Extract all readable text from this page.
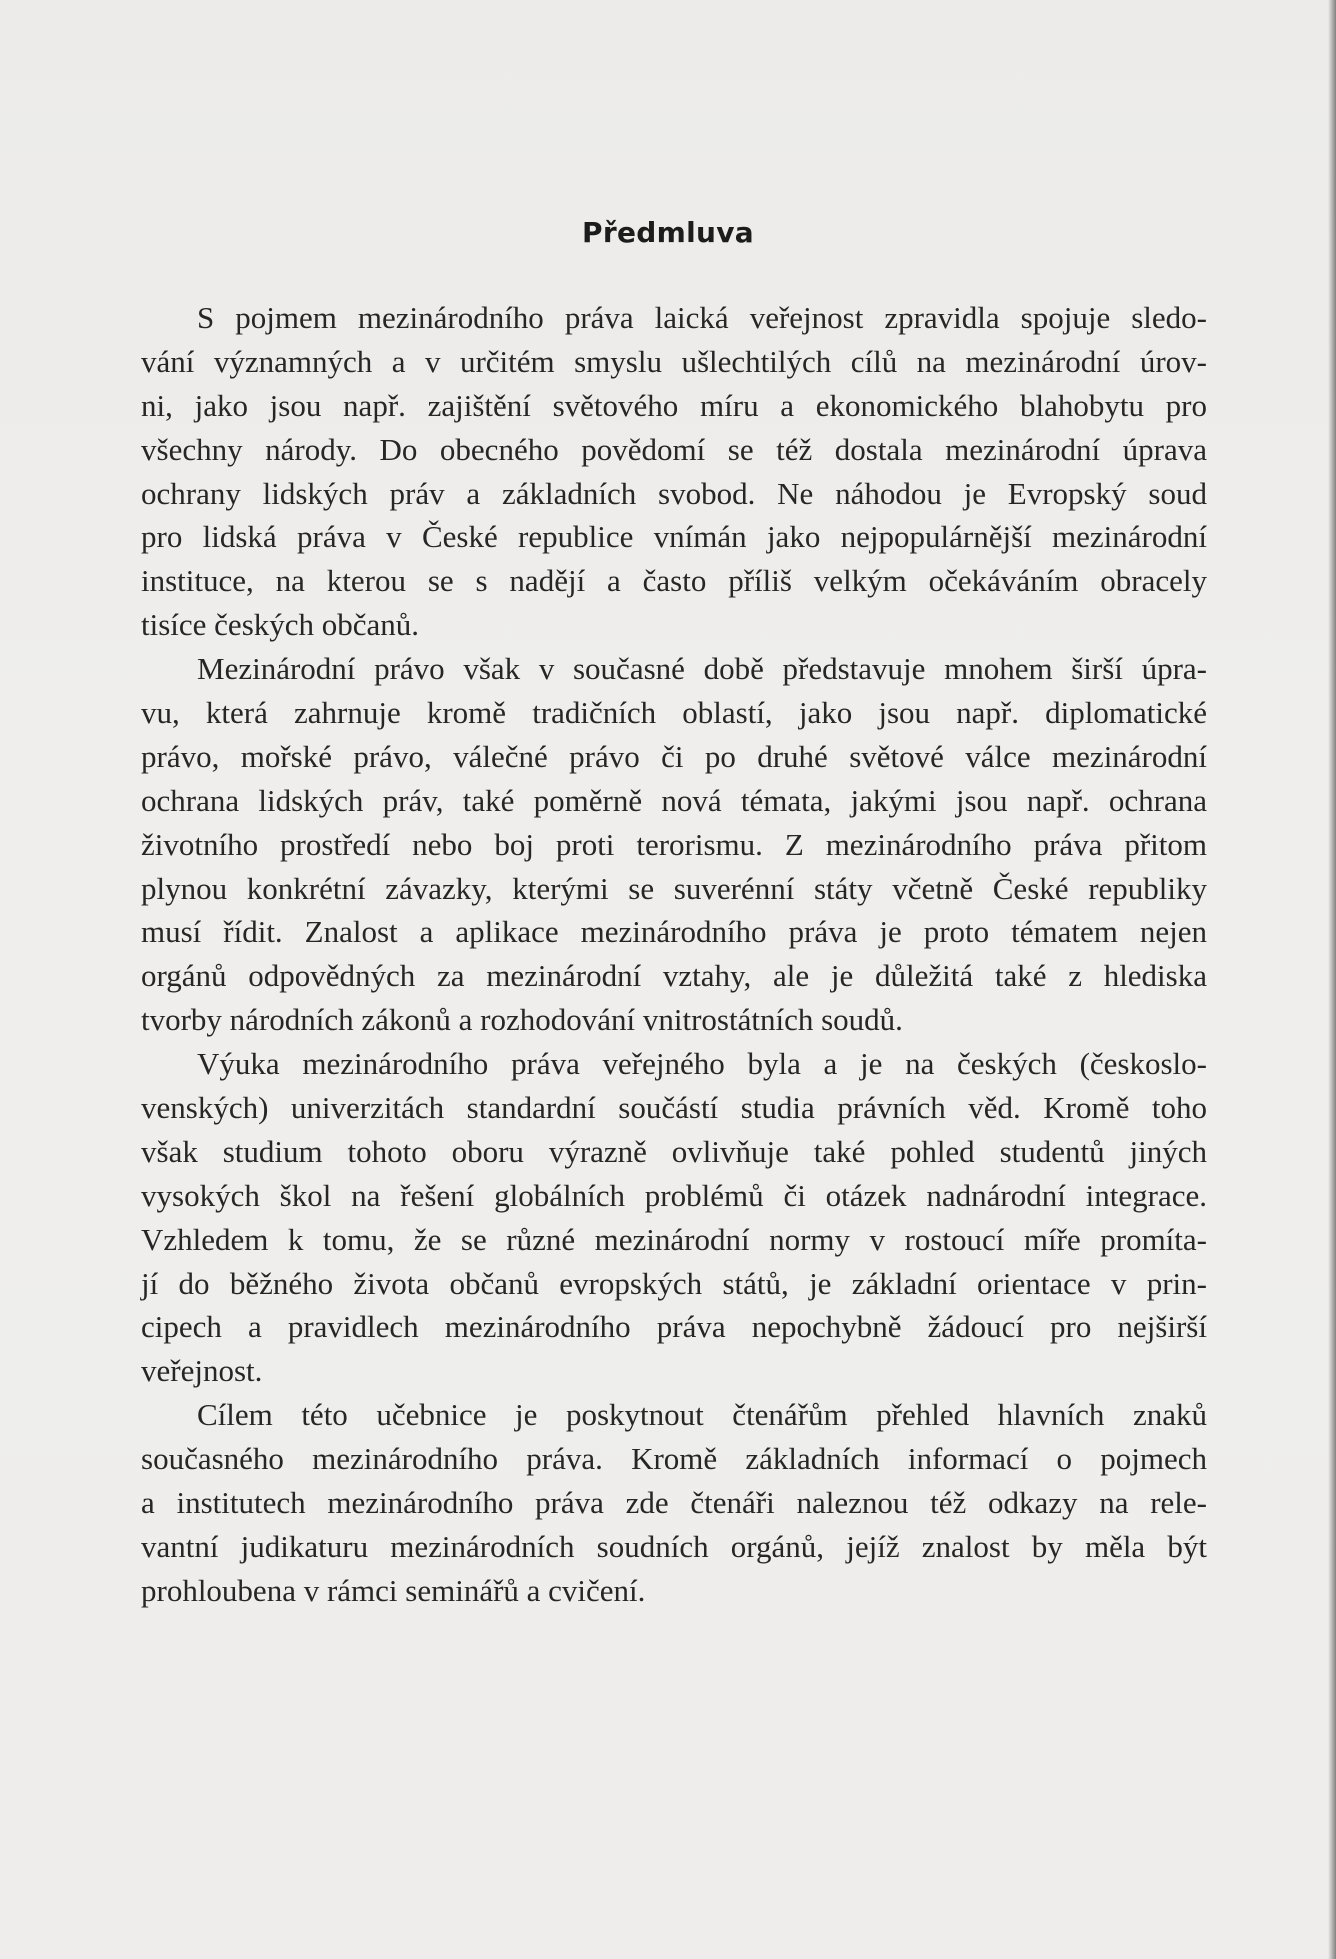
Předmluva
S pojmem mezinárodního práva laická veřejnost zpravidla spojuje sledo-
vání významných a v určitém smyslu ušlechtilých cílů na mezinárodní úrov-
ni, jako jsou např. zajištění světového míru a ekonomického blahobytu pro
všechny národy. Do obecného povědomí se též dostala mezinárodní úprava
ochrany lidských práv a základních svobod. Ne náhodou je Evropský soud
pro lidská práva v České republice vnímán jako nejpopulárnější mezinárodní
instituce, na kterou se s nadějí a často příliš velkým očekáváním obracely
tisíce českých občanů.
Mezinárodní právo však v současné době představuje mnohem širší úpra-
vu, která zahrnuje kromě tradičních oblastí, jako jsou např. diplomatické
právo, mořské právo, válečné právo či po druhé světové válce mezinárodní
ochrana lidských práv, také poměrně nová témata, jakými jsou např. ochrana
životního prostředí nebo boj proti terorismu. Z mezinárodního práva přitom
plynou konkrétní závazky, kterými se suverénní státy včetně České republiky
musí řídit. Znalost a aplikace mezinárodního práva je proto tématem nejen
orgánů odpovědných za mezinárodní vztahy, ale je důležitá také z hlediska
tvorby národních zákonů a rozhodování vnitrostátních soudů.
Výuka mezinárodního práva veřejného byla a je na českých (českoslo-
venských) univerzitách standardní součástí studia právních věd. Kromě toho
však studium tohoto oboru výrazně ovlivňuje také pohled studentů jiných
vysokých škol na řešení globálních problémů či otázek nadnárodní integrace.
Vzhledem k tomu, že se různé mezinárodní normy v rostoucí míře promíta-
jí do běžného života občanů evropských států, je základní orientace v prin-
cipech a pravidlech mezinárodního práva nepochybně žádoucí pro nejširší
veřejnost.
Cílem této učebnice je poskytnout čtenářům přehled hlavních znaků
současného mezinárodního práva. Kromě základních informací o pojmech
a institutech mezinárodního práva zde čtenáři naleznou též odkazy na rele-
vantní judikaturu mezinárodních soudních orgánů, jejíž znalost by měla být
prohloubena v rámci seminářů a cvičení.
